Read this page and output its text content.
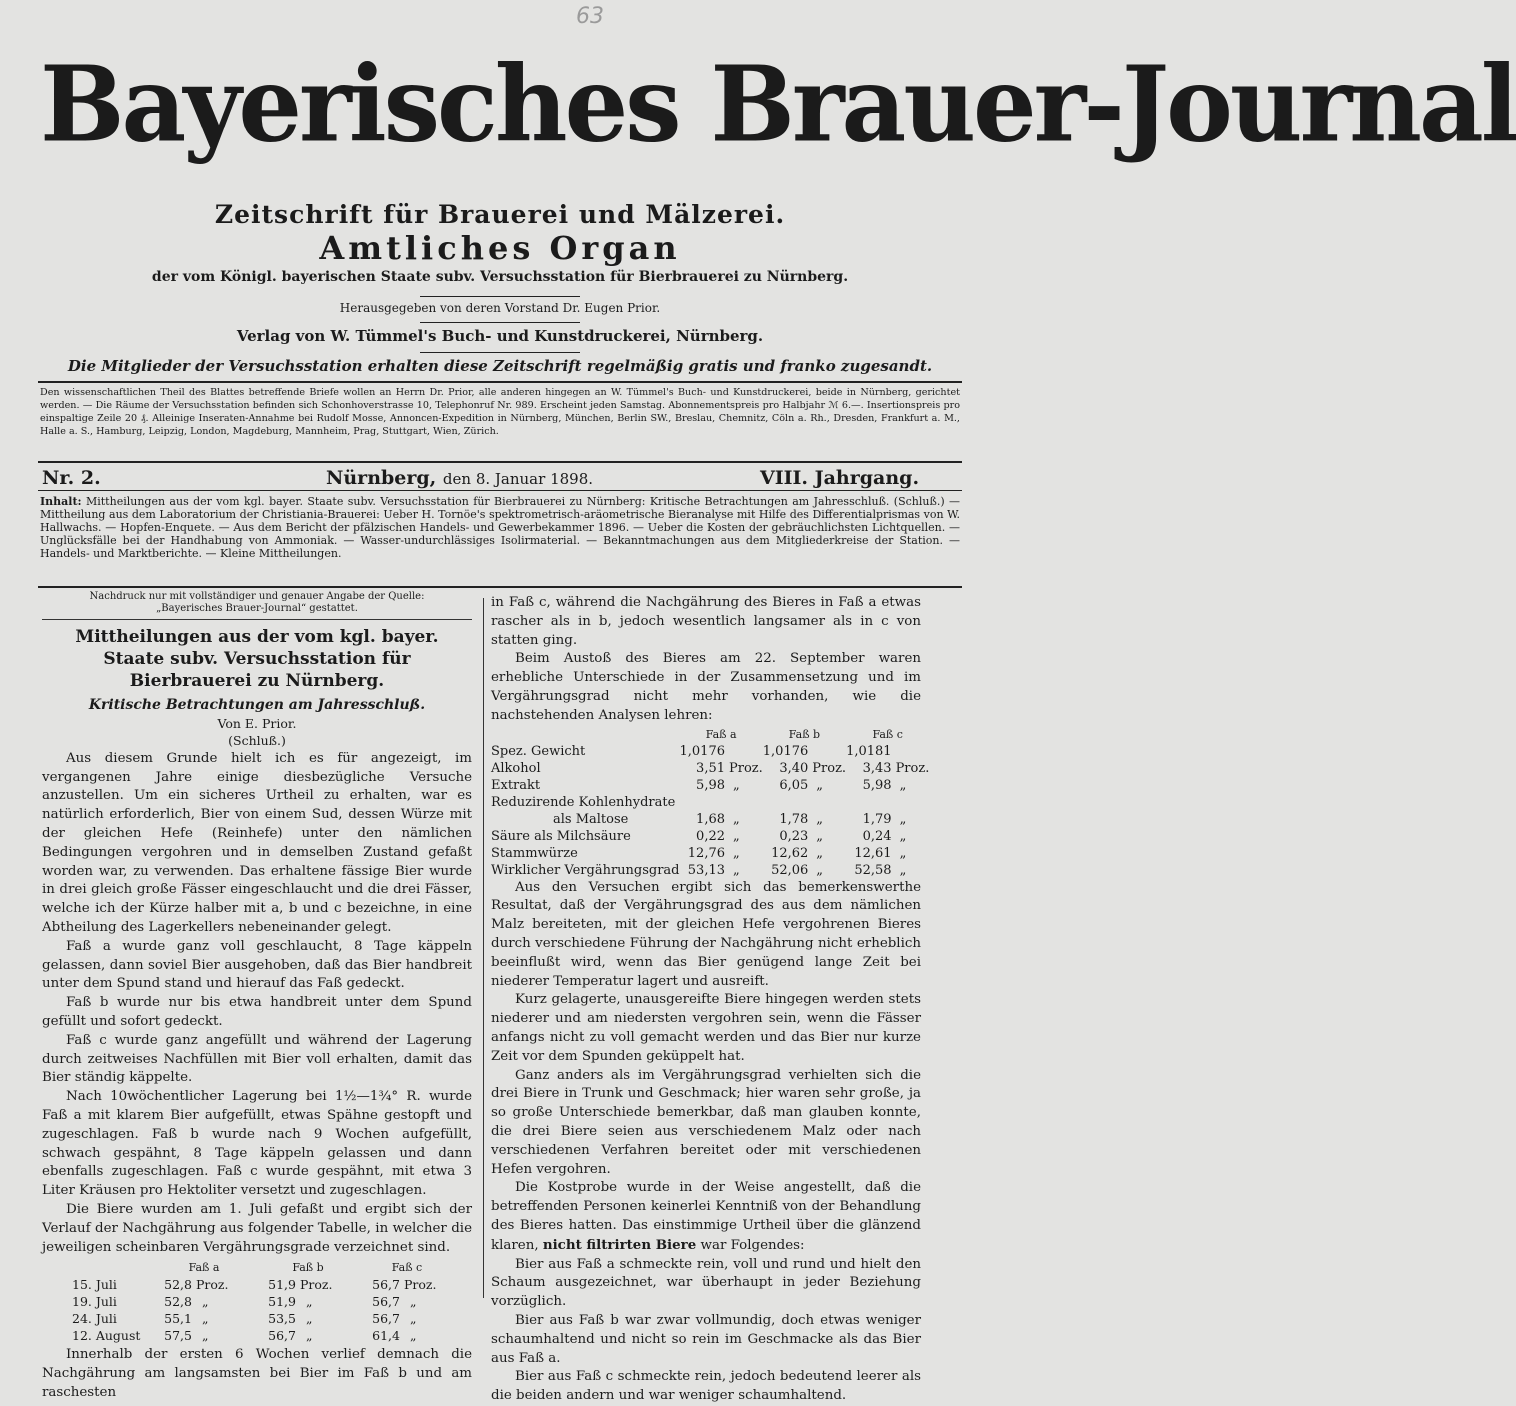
63
Bayerisches Brauer-Journal
Zeitschrift für Brauerei und Mälzerei.
Amtliches Organ
der vom Königl. bayerischen Staate subv. Versuchsstation für Bierbrauerei zu Nürnberg.
Herausgegeben von deren Vorstand Dr. Eugen Prior.
Verlag von W. Tümmel's Buch- und Kunstdruckerei, Nürnberg.
Die Mitglieder der Versuchsstation erhalten diese Zeitschrift regelmäßig gratis und franko zugesandt.
Den wissenschaftlichen Theil des Blattes betreffende Briefe wollen an Herrn Dr. Prior, alle anderen hingegen an W. Tümmel's Buch- und Kunstdruckerei, beide in Nürnberg, gerichtet werden. — Die Räume der Versuchsstation befinden sich Schonhoverstrasse 10, Telephonruf Nr. 989. Erscheint jeden Samstag. Abonnementspreis pro Halbjahr ℳ 6.—. Insertionspreis pro einspaltige Zeile 20 ₰. Alleinige Inseraten-Annahme bei Rudolf Mosse, Annoncen-Expedition in Nürnberg, München, Berlin SW., Breslau, Chemnitz, Cöln a. Rh., Dresden, Frankfurt a. M., Halle a. S., Hamburg, Leipzig, London, Magdeburg, Mannheim, Prag, Stuttgart, Wien, Zürich.
Nr. 2.	Nürnberg, den 8. Januar 1898.	VIII. Jahrgang.
Inhalt: Mittheilungen aus der vom kgl. bayer. Staate subv. Versuchsstation für Bierbrauerei zu Nürnberg: Kritische Betrachtungen am Jahresschluß. (Schluß.) — Mittheilung aus dem Laboratorium der Christiania-Brauerei: Ueber H. Tornöe's spektrometrisch-aräometrische Bieranalyse mit Hilfe des Differentialprismas von W. Hallwachs. — Hopfen-Enquete. — Aus dem Bericht der pfälzischen Handels- und Gewerbekammer 1896. — Ueber die Kosten der gebräuchlichsten Lichtquellen. — Unglücksfälle bei der Handhabung von Ammoniak. — Wasser-undurchlässiges Isolirmaterial. — Bekanntmachungen aus dem Mitgliederkreise der Station. — Handels- und Marktberichte. — Kleine Mittheilungen.

Nachdruck nur mit vollständiger und genauer Angabe der Quelle: „Bayerisches Brauer-Journal“ gestattet.

Mittheilungen aus der vom kgl. bayer. Staate subv. Versuchsstation für Bierbrauerei zu Nürnberg.

Kritische Betrachtungen am Jahresschluß.

Von E. Prior.

(Schluß.)

Aus diesem Grunde hielt ich es für angezeigt, im vergangenen Jahre einige diesbezügliche Versuche anzustellen. Um ein sicheres Urtheil zu erhalten, war es natürlich erforderlich, Bier von einem Sud, dessen Würze mit der gleichen Hefe (Reinhefe) unter den nämlichen Bedingungen vergohren und in demselben Zustand gefaßt worden war, zu verwenden. Das erhaltene fässige Bier wurde in drei gleich große Fässer eingeschlaucht und die drei Fässer, welche ich der Kürze halber mit a, b und c bezeichne, in eine Abtheilung des Lagerkellers nebeneinander gelegt.

Faß a wurde ganz voll geschlaucht, 8 Tage käppeln gelassen, dann soviel Bier ausgehoben, daß das Bier handbreit unter dem Spund stand und hierauf das Faß gedeckt.

Faß b wurde nur bis etwa handbreit unter dem Spund gefüllt und sofort gedeckt.

Faß c wurde ganz angefüllt und während der Lagerung durch zeitweises Nachfüllen mit Bier voll erhalten, damit das Bier ständig käppelte.

Nach 10wöchentlicher Lagerung bei 1½—1¾° R. wurde Faß a mit klarem Bier aufgefüllt, etwas Spähne gestopft und zugeschlagen. Faß b wurde nach 9 Wochen aufgefüllt, schwach gespähnt, 8 Tage käppeln gelassen und dann ebenfalls zugeschlagen. Faß c wurde gespähnt, mit etwa 3 Liter Kräusen pro Hektoliter versetzt und zugeschlagen.

Die Biere wurden am 1. Juli gefaßt und ergibt sich der Verlauf der Nachgährung aus folgender Tabelle, in welcher die jeweiligen scheinbaren Vergährungsgrade verzeichnet sind.

	Faß a		Faß b		Faß c	
15. Juli	52,8	Proz.	51,9	Proz.	56,7	Proz.
19. Juli	52,8	„	51,9	„	56,7	„
24. Juli	55,1	„	53,5	„	56,7	„
12. August	57,5	„	56,7	„	61,4	„

Innerhalb der ersten 6 Wochen verlief demnach die Nachgährung am langsamsten bei Bier im Faß b und am raschesten

in Faß c, während die Nachgährung des Bieres in Faß a etwas rascher als in b, jedoch wesentlich langsamer als in c von statten ging.

Beim Austoß des Bieres am 22. September waren erhebliche Unterschiede in der Zusammensetzung und im Vergährungsgrad nicht mehr vorhanden, wie die nachstehenden Analysen lehren:

	Faß a		Faß b		Faß c	
Spez. Gewicht	1,0176		1,0176		1,0181	
Alkohol	3,51	Proz.	3,40	Proz.	3,43	Proz.
Extrakt	5,98	„	6,05	„	5,98	„
Reduzirende Kohlenhydrate						
als Maltose	1,68	„	1,78	„	1,79	„
Säure als Milchsäure	0,22	„	0,23	„	0,24	„
Stammwürze	12,76	„	12,62	„	12,61	„
Wirklicher Vergährungsgrad	53,13	„	52,06	„	52,58	„

Aus den Versuchen ergibt sich das bemerkenswerthe Resultat, daß der Vergährungsgrad des aus dem nämlichen Malz bereiteten, mit der gleichen Hefe vergohrenen Bieres durch verschiedene Führung der Nachgährung nicht erheblich beeinflußt wird, wenn das Bier genügend lange Zeit bei niederer Temperatur lagert und ausreift.

Kurz gelagerte, unausgereifte Biere hingegen werden stets niederer und am niedersten vergohren sein, wenn die Fässer anfangs nicht zu voll gemacht werden und das Bier nur kurze Zeit vor dem Spunden geküppelt hat.

Ganz anders als im Vergährungsgrad verhielten sich die drei Biere in Trunk und Geschmack; hier waren sehr große, ja so große Unterschiede bemerkbar, daß man glauben konnte, die drei Biere seien aus verschiedenem Malz oder nach verschiedenen Verfahren bereitet oder mit verschiedenen Hefen vergohren.

Die Kostprobe wurde in der Weise angestellt, daß die betreffenden Personen keinerlei Kenntniß von der Behandlung des Bieres hatten. Das einstimmige Urtheil über die glänzend klaren, nicht filtrirten Biere war Folgendes:

Bier aus Faß a schmeckte rein, voll und rund und hielt den Schaum ausgezeichnet, war überhaupt in jeder Beziehung vorzüglich.

Bier aus Faß b war zwar vollmundig, doch etwas weniger schaumhaltend und nicht so rein im Geschmacke als das Bier aus Faß a.

Bier aus Faß c schmeckte rein, jedoch bedeutend leerer als die beiden andern und war weniger schaumhaltend.
